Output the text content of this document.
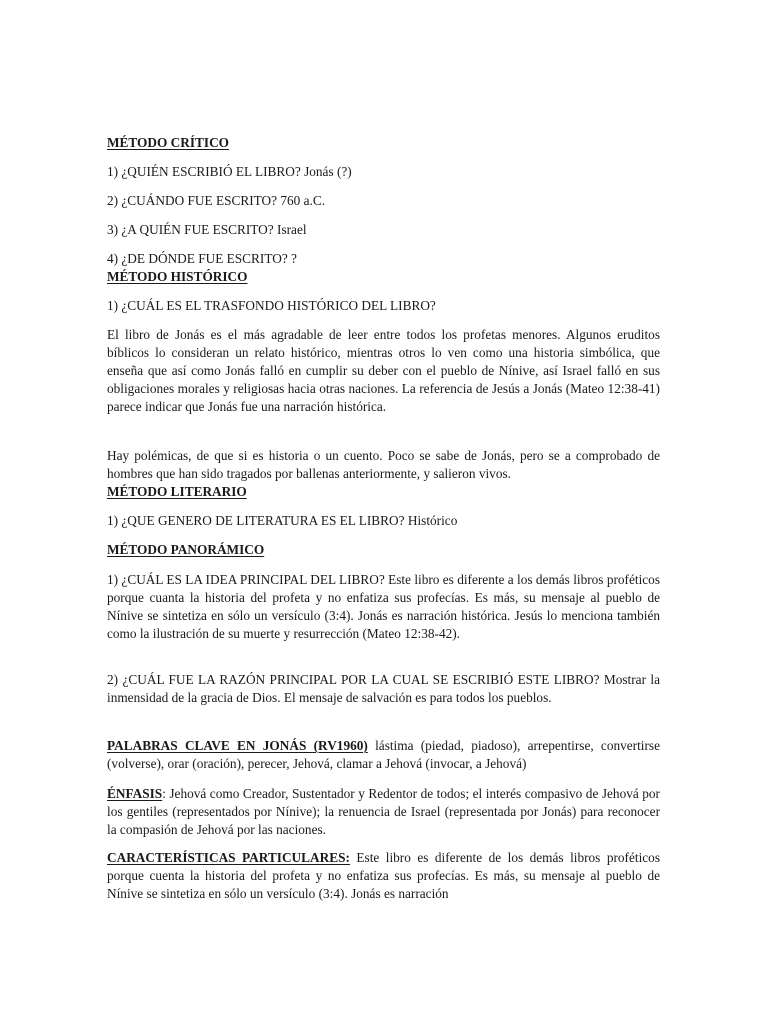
MÉTODO CRÍTICO

1) ¿QUIÉN ESCRIBIÓ EL LIBRO? Jonás (?)

2) ¿CUÁNDO FUE ESCRITO? 760 a.C.

3) ¿A QUIÉN FUE ESCRITO? Israel

4) ¿DE DÓNDE FUE ESCRITO? ?

MÉTODO HISTÓRICO

1) ¿CUÁL ES EL TRASFONDO HISTÓRICO DEL LIBRO?

El libro de Jonás es el más agradable de leer entre todos los profetas menores. Algunos eruditos bíblicos lo consideran un relato histórico, mientras otros lo ven como una historia simbólica, que enseña que así como Jonás falló en cumplir su deber con el pueblo de Nínive, así Israel falló en sus obligaciones morales y religiosas hacia otras naciones. La referencia de Jesús a Jonás (Mateo 12:38-41) parece indicar que Jonás fue una narración histórica.

Hay polémicas, de que si es historia o un cuento. Poco se sabe de Jonás, pero se a comprobado de hombres que han sido tragados por ballenas anteriormente, y salieron vivos.

MÉTODO LITERARIO

1) ¿QUE GENERO DE LITERATURA ES EL LIBRO? Histórico

MÉTODO PANORÁMICO

1) ¿CUÁL ES LA IDEA PRINCIPAL DEL LIBRO? Este libro es diferente a los demás libros proféticos porque cuanta la historia del profeta y no enfatiza sus profecías. Es más, su mensaje al pueblo de Nínive se sintetiza en sólo un versículo (3:4). Jonás es narración histórica. Jesús lo menciona también como la ilustración de su muerte y resurrección (Mateo 12:38-42).

2) ¿CUÁL FUE LA RAZÓN PRINCIPAL POR LA CUAL SE ESCRIBIÓ ESTE LIBRO? Mostrar la inmensidad de la gracia de Dios. El mensaje de salvación es para todos los pueblos.

PALABRAS CLAVE EN JONÁS (RV1960) lástima (piedad, piadoso), arrepentirse, convertirse (volverse), orar (oración), perecer, Jehová, clamar a Jehová (invocar, a Jehová)

ÉNFASIS: Jehová como Creador, Sustentador y Redentor de todos; el interés compasivo de Jehová por los gentiles (representados por Nínive); la renuencia de Israel (representada por Jonás) para reconocer la compasión de Jehová por las naciones.

CARACTERÍSTICAS PARTICULARES: Este libro es diferente de los demás libros proféticos porque cuenta la historia del profeta y no enfatiza sus profecías. Es más, su mensaje al pueblo de Nínive se sintetiza en sólo un versículo (3:4). Jonás es narración
